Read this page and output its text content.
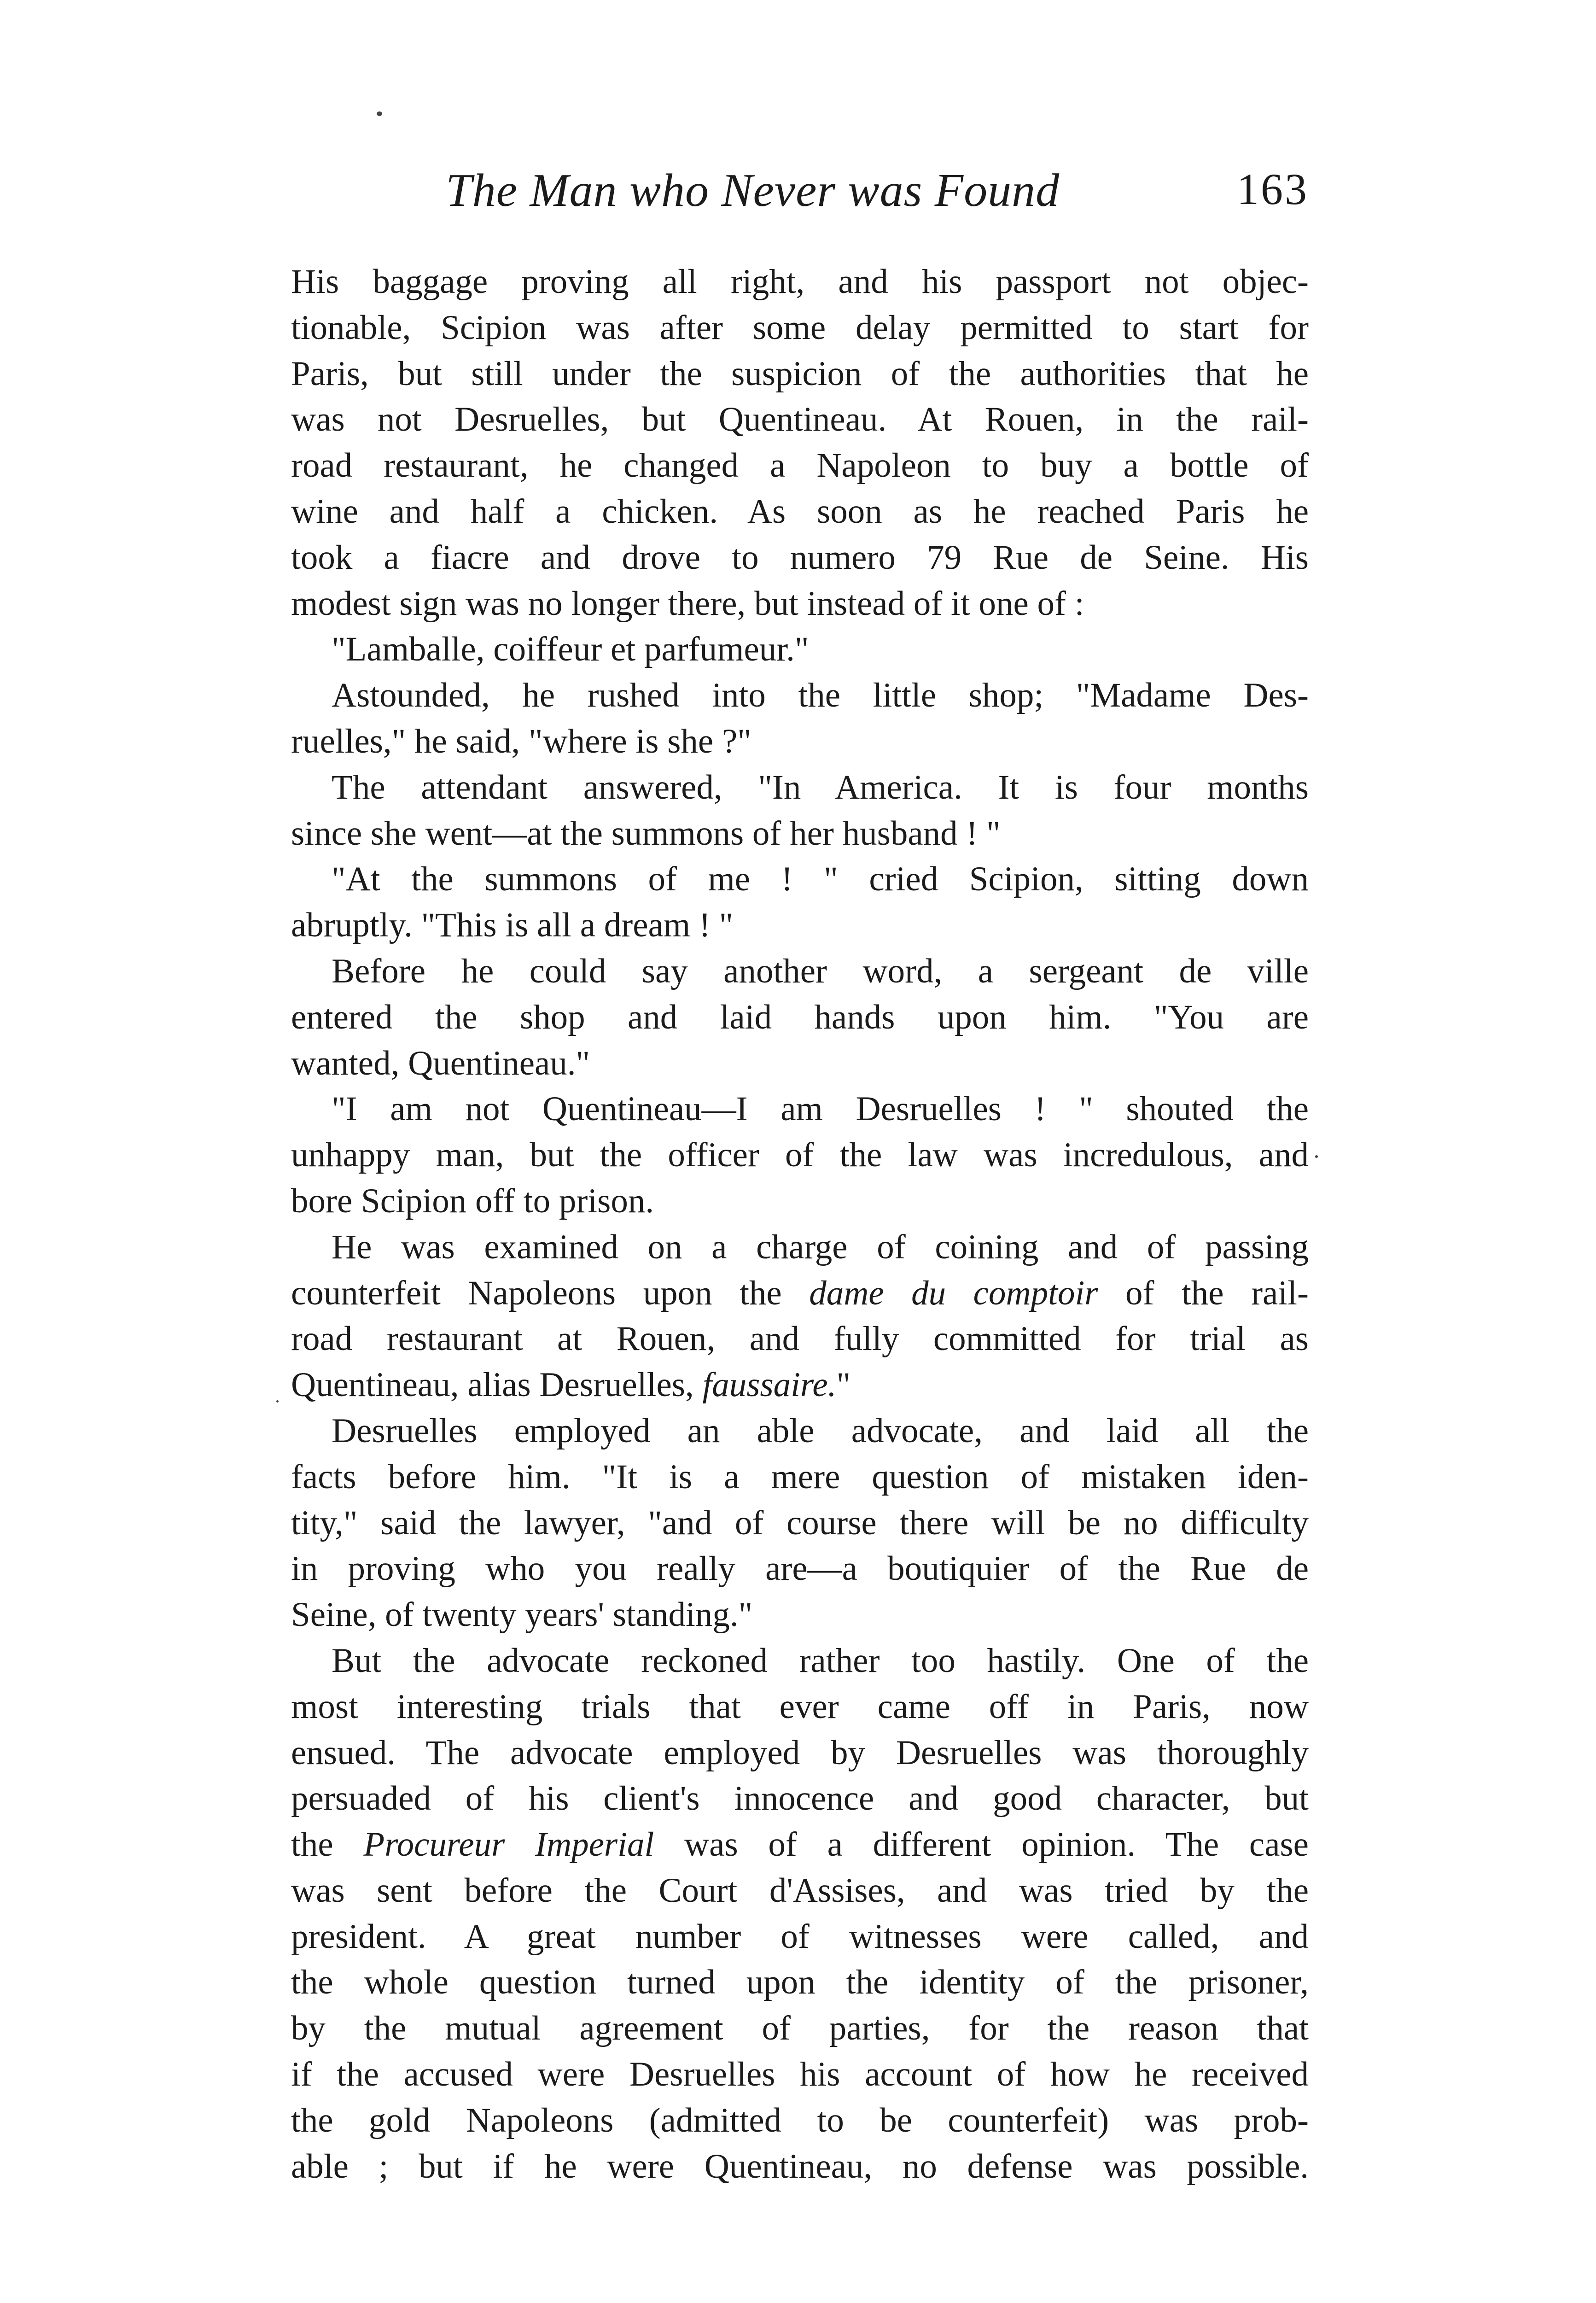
The Man who Never was Found	163
His baggage proving all right, and his passport not objec-
tionable, Scipion was after some delay permitted to start for
Paris, but still under the suspicion of the authorities that he
was not Desruelles, but Quentineau. At Rouen, in the rail-
road restaurant, he changed a Napoleon to buy a bottle of
wine and half a chicken. As soon as he reached Paris he
took a fiacre and drove to numero 79 Rue de Seine. His
modest sign was no longer there, but instead of it one of :
"Lamballe, coiffeur et parfumeur."
Astounded, he rushed into the little shop; "Madame Des-
ruelles," he said, "where is she ?"
The attendant answered, "In America. It is four months
since she went—at the summons of her husband ! "
"At the summons of me ! " cried Scipion, sitting down
abruptly. "This is all a dream ! "
Before he could say another word, a sergeant de ville
entered the shop and laid hands upon him. "You are
wanted, Quentineau."
"I am not Quentineau—I am Desruelles ! " shouted the
unhappy man, but the officer of the law was incredulous, and
bore Scipion off to prison.
He was examined on a charge of coining and of passing
counterfeit Napoleons upon the dame du comptoir of the rail-
road restaurant at Rouen, and fully committed for trial as
Quentineau, alias Desruelles, faussaire."
Desruelles employed an able advocate, and laid all the
facts before him. "It is a mere question of mistaken iden-
tity," said the lawyer, "and of course there will be no difficulty
in proving who you really are—a boutiquier of the Rue de
Seine, of twenty years' standing."
But the advocate reckoned rather too hastily. One of the
most interesting trials that ever came off in Paris, now
ensued. The advocate employed by Desruelles was thoroughly
persuaded of his client's innocence and good character, but
the Procureur Imperial was of a different opinion. The case
was sent before the Court d'Assises, and was tried by the
president. A great number of witnesses were called, and
the whole question turned upon the identity of the prisoner,
by the mutual agreement of parties, for the reason that
if the accused were Desruelles his account of how he received
the gold Napoleons (admitted to be counterfeit) was prob-
able ; but if he were Quentineau, no defense was possible.
